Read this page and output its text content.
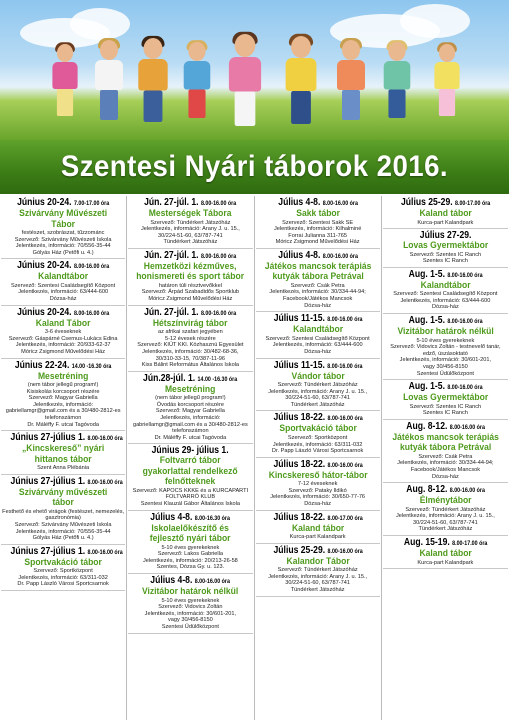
Szentesi Nyári táborok 2016.
Június 20-24. 7.00-17.00 óra
Szivárvány Művészeti Tábor
festészet, szobrászat, tűzzománc
Szervező: Szivárvány Művészeti Iskola
Jelentkezés, információ: 70/556-35-44
Gólyás Ház (Petőfi u. 4.)
Június 20-24. 8.00-16.00 óra
Kalandtábor
Szervező: Szentesi Családsegítő Központ
Jelentkezés, információ: 63/444-600
Dózsa-ház
Június 20-24. 8.00-16.00 óra
Kaland Tábor
3-6 éveseknek
Szervező: Gáspárné Csernus-Lukács Edina
Jelentkezés, információ: 20/933-62-37
Móricz Zsigmond Művelődési Ház
Június 22-24. 14.00 -16.30 óra
Mesetréning
(nem tábor jellegű program!)
Kisiskolás korcsoport részére
Szervező: Magyar Gabriella
Jelentkezés, információ: gabriellamgr@gmail.com és a 30/480-2812-es telefonszámon
Dr. Máléffy F. utcai Tagóvoda
Június 27-július 1. 8.00-16.00 óra
„Kincskereső” nyári hittanos tábor
Szent Anna Plébánia
Június 27-július 1. 8.00-16.00 óra
Szivárvány művészeti tábor
Festhető és ehető virágok (festészet, nemezelés, gasztronómia)
Szervező: Szivárvány Művészeti Iskola
Jelentkezés, információ: 70/556-35-44
Gólyás Ház (Petőfi u. 4.)
Június 27-július 1. 8.00-16.00 óra
Sportvakáció tábor
Szervező: Sportközpont
Jelentkezés, információ: 63/311-032
Dr. Papp László Városi Sportcsarnok
Jún. 27-júl. 1. 8.00-16.00 óra
Mesterségek Tábora
Szervező: Tündérkert Játszóház
Jelentkezés, információ: Arany J. u. 15.,
30/224-51-60, 63/787-741
Tündérkert Játszóház
Jún. 27-júl. 1. 8.00-16.00 óra
Hemzetközi kézműves, honismereti és sport tábor
határon túli résztvevőkkel
Szervező: Árpád Szabadidős Sportklub
Móricz Zsigmond Művelődési Ház
Jún. 27-júl. 1. 8.00-16.00 óra
Hétszínvirág tábor
az afrikai szafari jegyében
5-12 évesek részére
Szervező: KIÚT KKl. Közhasznú Egyesület
Jelentkezés, információ: 30/482-68-36,
30/310-33-15, 70/387-11-96
Kiss Bálint Református Általános Iskola
Jún.28-júl. 1. 14.00 -16.30 óra
Mesetréning
(nem tábor jellegű program!)
Óvodás korcsoport részére
Szervező: Magyar Gabriella
Jelentkezés, információ: gabriellamgr@gmail.com és a 30/480-2812-es telefonszámon
Dr. Máléffy F. utcai Tagóvoda
Június 29- július 1.
Foltvarró tábor gyakorlattal rendelkező felnőtteknek
Szervező: KAPOCS KKKE és a KURCAPARTI FOLTVARRÓ KLUB
Szentesi Klauzál Gábor Általános Iskola
Július 4-8. 8.00-16.30 óra
Iskolaelőkészítő és fejlesztő nyári tábor
5-10 éves gyerekeknek
Szervező: Lakos Gabriella
Jelentkezés, információ: 20/213-26-58
Szentes, Dózsa Gy. u. 123.
Július 4-8. 8.00-16.00 óra
Vizitábor határok nélkül
5-10 éves gyerekeknek
Szervező: Vidovics Zoltán
Jelentkezés, információ: 30/601-201,
vagy 30/456-8150
Szentesi Üdülőközpont
Július 4-8. 8.00-16.00 óra
Sakk tábor
Szervező: Szentesi Sakk SE
Jelentkezés, információ: Kilhalminé
Forrai Julianna 311-765
Móricz Zsigmond Művelődési Ház
Július 4-8. 8.00-16.00 óra
Játékos mancsok terápiás kutyák tábora Petrával
Szervező: Csák Petra
Jelentkezés, információ: 30/334-44-94;
Facebook/Játékos Mancsok
Dózsa-ház
Július 11-15. 8.00-16.00 óra
Kalandtábor
Szervező: Szentesi Családsegítő Központ
Jelentkezés, információ: 63/444-600
Dózsa-ház
Július 11-15. 8.00-16.00 óra
Vándor tábor
Szervező: Tündérkert Játszóház
Jelentkezés, információ: Arany J. u. 15.,
30/224-51-60, 63/787-741
Tündérkert Játszóház
Július 18-22. 8.00-16.00 óra
Sportvakáció tábor
Szervező: Sportközpont
Jelentkezés, információ: 63/311-032
Dr. Papp László Városi Sportcsarnok
Július 18-22. 8.00-16.00 óra
Kincskereső hátor-tábor
7-12 éveseknek
Szervező: Pataky Ildikó
Jelentkezés, információ: 30/650-77-76
Dózsa-ház
Július 18-22. 8.00-17.00 óra
Kaland tábor
Kurca-part Kalandpark
Július 25-29. 8.00-16.00 óra
Kalandor Tábor
Szervező: Tündérkert Játszóház
Jelentkezés, információ: Arany J. u. 15.,
30/224-51-60, 63/787-741
Tündérkert Játszóház
Július 25-29. 8.00-17.00 óra
Kaland tábor
Kurca-part Kalandpark
Július 27-29.
Lovas Gyermektábor
Szervező: Szentes IC Ranch
Szentes IC Ranch
Aug. 1-5. 8.00-16.00 óra
Kalandtábor
Szervező: Szentesi Családsegítő Központ
Jelentkezés, információ: 63/444-600
Dózsa-ház
Aug. 1-5. 8.00-16.00 óra
Vizitábor határok nélkül
5-10 éves gyerekeknek
Szervező: Vidovics Zoltán - testnevelő tanár, edző, úszásoktató
Jelentkezés, információ: 30/601-201,
vagy 30/456-8150
Szentesi Üdülőközpont
Aug. 1-5. 8.00-16.00 óra
Lovas Gyermektábor
Szervező: Szentes IC Ranch
Szentes IC Ranch
Aug. 8-12. 8.00-16.00 óra
Játékos mancsok terápiás kutyák tábora Petrával
Szervező: Csák Petra
Jelentkezés, információ: 30/334-44-94;
Facebook/Játékos Mancsok
Dózsa-ház
Aug. 8-12. 8.00-16.00 óra
Élménytábor
Szervező: Tündérkert Játszóház
Jelentkezés, információ: Arany J. u. 15.,
30/224-51-60, 63/787-741
Tündérkert Játszóház
Aug. 15-19. 8.00-17.00 óra
Kaland tábor
Kurca-part Kalandpark
